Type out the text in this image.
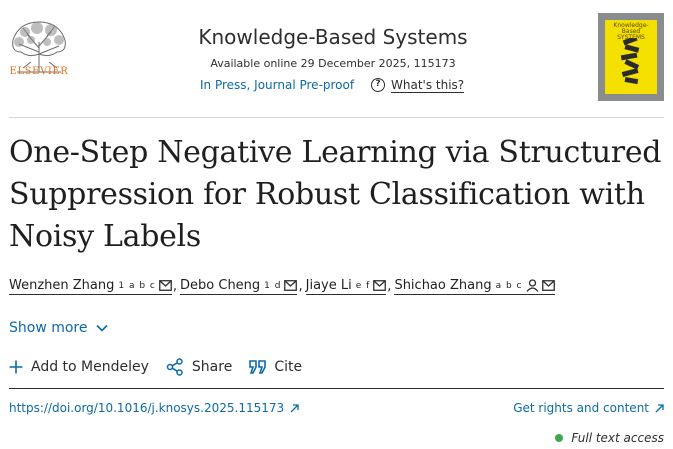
ELSEVIER
Knowledge-Based Systems
Available online 29 December 2025, 115173
In Press, Journal Pre-proof	? What's this?
Knowledge-Based SYSTEMS
One-Step Negative Learning via Structured Suppression for Robust Classification with Noisy Labels
Wenzhen Zhang 1 a b c , Debo Cheng 1 d , Jiaye Li e f , Shichao Zhang a b c
Show more
Add to Mendeley	Share	Cite
https://doi.org/10.1016/j.knosys.2025.115173	Get rights and content
Full text access
